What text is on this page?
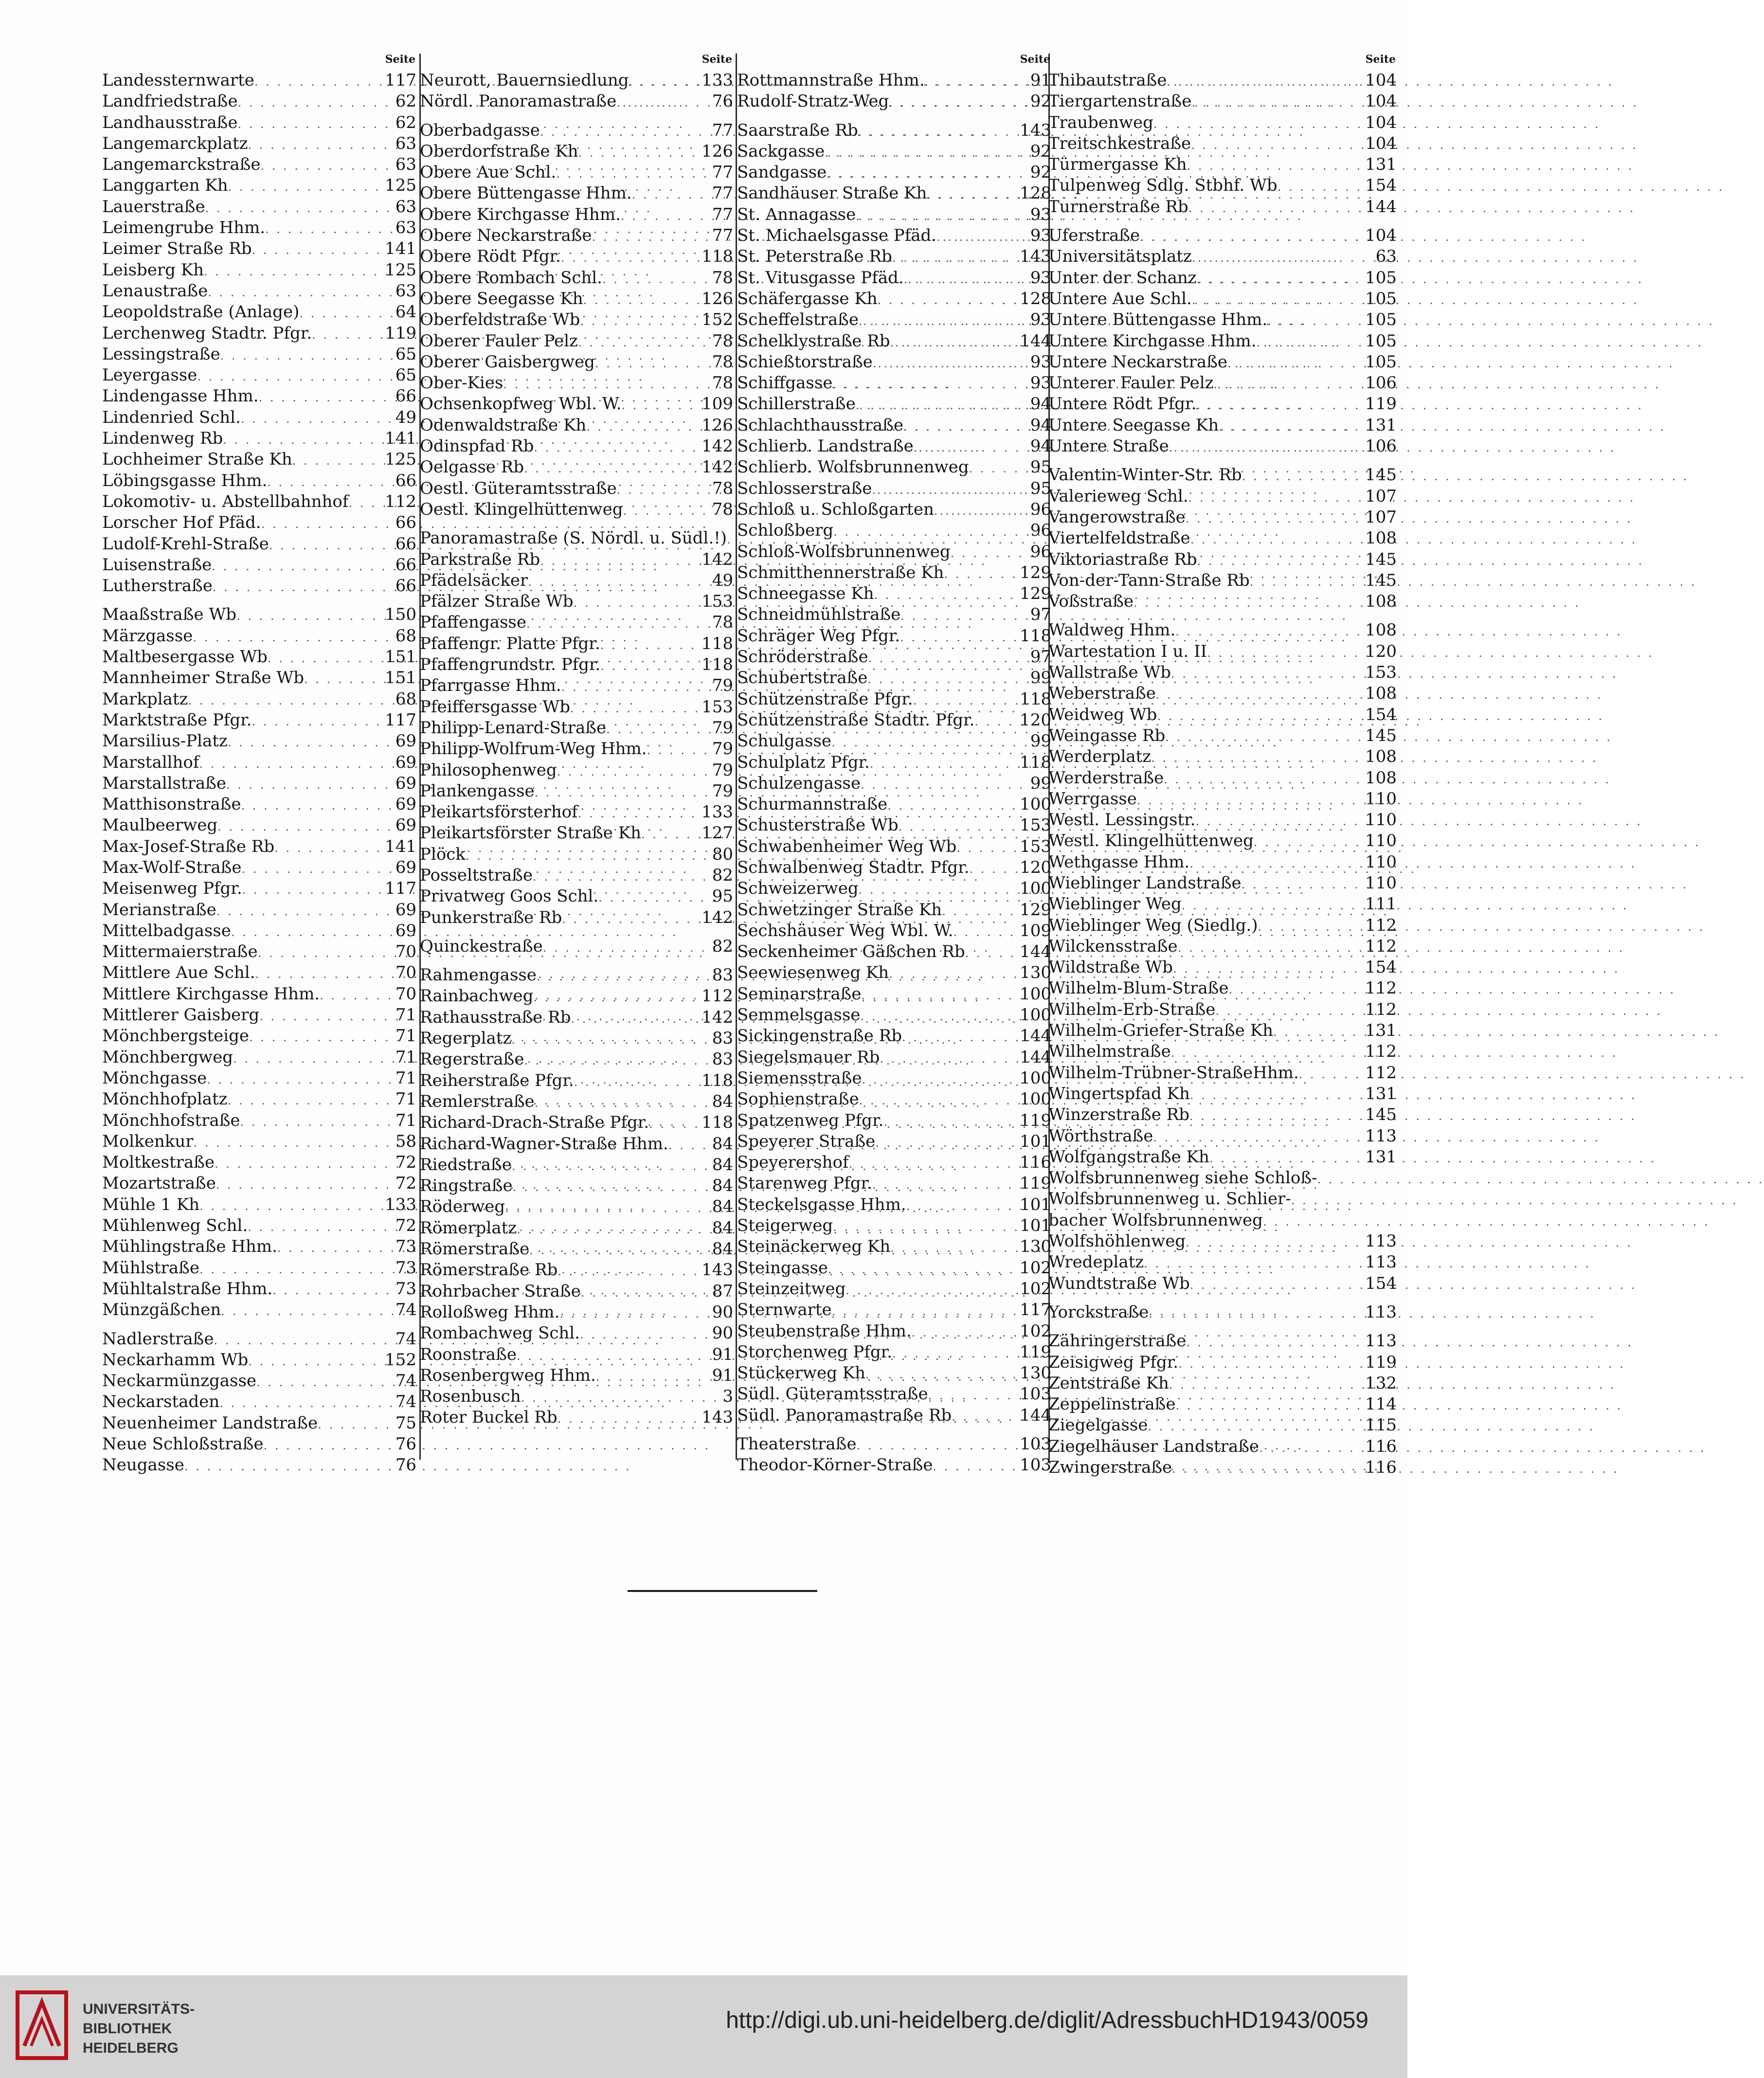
Seite
Landessternwarte . . .	117
Landfriedstraße . . .	62
Landhausstraße . . .	62
Langemarckplatz . . .	63
Langemarckstraße . . .	63
Langgarten Kh . . .	125
Lauerstraße . . .	63
Leimengrube Hhm. . . .	63
Leimer Straße Rb . . .	141
Leisberg Kh . . .	125
Lenaustraße . . .	63
Leopoldstraße (Anlage) . . .	64
Lerchenweg Stadtr. Pfgr. . . .	119
Lessingstraße . . .	65
Leyergasse . . .	65
Lindengasse Hhm. . . .	66
Lindenried Schl. . . .	49
Lindenweg Rb . . .	141
Lochheimer Straße Kh . . .	125
Löbingsgasse Hhm. . . .	66
Lokomotiv- u. Abstellbahnhof . . .	112
Lorscher Hof Pfäd. . . .	66
Ludolf-Krehl-Straße . . .	66
Luisenstraße . . .	66
Lutherstraße . . .	66
Maaßstraße Wb . . .	150
Märzgasse . . .	68
Maltbesergasse Wb . . .	151
Mannheimer Straße Wb . . .	151
Markplatz . . .	68
Marktstraße Pfgr. . . .	117
Marsilius-Platz . . .	69
Marstallhof . . .	69
Marstallstraße . . .	69
Matthisonstraße . . .	69
Maulbeerweg . . .	69
Max-Josef-Straße Rb . . .	141
Max-Wolf-Straße . . .	69
Meisenweg Pfgr. . . .	117
Merianstraße . . .	69
Mittelbadgasse . . .	69
Mittermaierstraße . . .	70
Mittlere Aue Schl. . . .	70
Mittlere Kirchgasse Hhm. . . .	70
Mittlerer Gaisberg . . .	71
Mönchbergsteige . . .	71
Mönchbergweg . . .	71
Mönchgasse . . .	71
Mönchhofplatz . . .	71
Mönchhofstraße . . .	71
Molkenkur . . .	58
Moltkestraße . . .	72
Mozartstraße . . .	72
Mühle 1 Kh . . .	133
Mühlenweg Schl. . . .	72
Mühlingstraße Hhm. . . .	73
Mühlstraße . . .	73
Mühltalstraße Hhm. . . .	73
Münzgäßchen . . .	74
Nadlerstraße . . .	74
Neckarhamm Wb . . .	152
Neckarmünzgasse . . .	74
Neckarstaden . . .	74
Neuenheimer Landstraße . . .	75
Neue Schloßstraße . . .	76
Neugasse . . .	76
Seite
Neurott, Bauernsiedlung . . .	133
Nördl. Panoramastraße . . .	76
Oberbadgasse . . .	77
Oberdorfstraße Kh . . .	126
Obere Aue Schl. . . .	77
Obere Büttengasse Hhm. . . .	77
Obere Kirchgasse Hhm. . . .	77
Obere Neckarstraße . . .	77
Obere Rödt Pfgr. . . .	118
Obere Rombach Schl. . . .	78
Obere Seegasse Kh . . .	126
Oberfeldstraße Wb . . .	152
Oberer Fauler Pelz . . .	78
Oberer Gaisbergweg . . .	78
Ober-Kies . . .	78
Ochsenkopfweg Wbl. W. . . .	109
Odenwaldstraße Kh . . .	126
Odinspfad Rb . . .	142
Oelgasse Rb . . .	142
Oestl. Güteramtsstraße . . .	78
Oestl. Klingelhüttenweg . . .	78
Panoramastraße (S. Nördl. u. Südl.!)
. . .
Parkstraße Rb . . .	142
Pfädelsäcker . . .	49
Pfälzer Straße Wb . . .	153
Pfaffengasse . . .	78
Pfaffengr. Platte Pfgr. . . .	118
Pfaffengrundstr. Pfgr. . . .	118
Pfarrgasse Hhm. . . .	79
Pfeiffersgasse Wb . . .	153
Philipp-Lenard-Straße . . .	79
Philipp-Wolfrum-Weg Hhm. . . .	79
Philosophenweg . . .	79
Plankengasse . . .	79
Pleikartsförsterhof . . .	133
Pleikartsförster Straße Kh . . .	127
Plöck . . .	80
Posseltstraße . . .	82
Privatweg Goos Schl. . . .	95
Punkerstraße Rb . . .	142
Quinckestraße . . .	82
Rahmengasse . . .	83
Rainbachweg . . .	112
Rathausstraße Rb . . .	142
Regerplatz . . .	83
Regerstraße . . .	83
Reiherstraße Pfgr. . . .	118
Remlerstraße . . .	84
Richard-Drach-Straße Pfgr. . . .	118
Richard-Wagner-Straße Hhm. . . .	84
Riedstraße . . .	84
Ringstraße . . .	84
Röderweg . . .	84
Römerplatz . . .	84
Römerstraße . . .	84
Römerstraße Rb . . .	143
Rohrbacher Straße . . .	87
Rolloßweg Hhm. . . .	90
Rombachweg Schl. . . .	90
Roonstraße . . .	91
Rosenbergweg Hhm. . . .	91
Rosenbusch . . .	3
Roter Buckel Rb . . .	143
Seite
Rottmannstraße Hhm. . . .	91
Rudolf-Stratz-Weg . . .	92
Saarstraße Rb . . .	143
Sackgasse . . .	92
Sandgasse . . .	92
Sandhäuser Straße Kh . . .	128
St. Annagasse . . .	93
St. Michaelsgasse Pfäd. . . .	93
St. Peterstraße Rb . . .	143
St. Vitusgasse Pfäd. . . .	93
Schäfergasse Kh . . .	128
Scheffelstraße . . .	93
Schelklystraße Rb . . .	144
Schießtorstraße . . .	93
Schiffgasse . . .	93
Schillerstraße . . .	94
Schlachthausstraße . . .	94
Schlierb. Landstraße . . .	94
Schlierb. Wolfsbrunnenweg . . .	95
Schlosserstraße . . .	95
Schloß u. Schloßgarten . . .	96
Schloßberg . . .	96
Schloß-Wolfsbrunnenweg . . .	96
Schmitthennerstraße Kh . . .	129
Schneegasse Kh . . .	129
Schneidmühlstraße . . .	97
Schräger Weg Pfgr. . . .	118
Schröderstraße . . .	97
Schubertstraße . . .	99
Schützenstraße Pfgr. . . .	118
Schützenstraße Stadtr. Pfgr. . . .	120
Schulgasse . . .	99
Schulplatz Pfgr. . . .	118
Schulzengasse . . .	99
Schurmannstraße . . .	100
Schusterstraße Wb . . .	153
Schwabenheimer Weg Wb . . .	153
Schwalbenweg Stadtr. Pfgr. . . .	120
Schweizerweg . . .	100
Schwetzinger Straße Kh . . .	129
Sechshäuser Weg Wbl. W. . . .	109
Seckenheimer Gäßchen Rb . . .	144
Seewiesenweg Kh . . .	130
Seminarstraße . . .	100
Semmelsgasse . . .	100
Sickingenstraße Rb . . .	144
Siegelsmauer Rb . . .	144
Siemensstraße . . .	100
Sophienstraße . . .	100
Spatzenweg Pfgr. . . .	119
Speyerer Straße . . .	101
Speyerershof . . .	116
Starenweg Pfgr. . . .	119
Steckelsgasse Hhm. . . .	101
Steigerweg . . .	101
Steinäckerweg Kh . . .	130
Steingasse . . .	102
Steinzeitweg . . .	102
Sternwarte . . .	117
Steubenstraße Hhm. . . .	102
Storchenweg Pfgr. . . .	119
Stückerweg Kh . . .	130
Südl. Güteramtsstraße . . .	103
Südl. Panoramastraße Rb . . .	144
Theaterstraße . . .	103
Theodor-Körner-Straße . . .	103
Seite
Thibautstraße . . .	104
Tiergartenstraße . . .	104
Traubenweg . . .	104
Treitschkestraße . . .	104
Türmergasse Kh . . .	131
Tulpenweg Sdlg. Stbhf. Wb . . .	154
Turnerstraße Rb . . .	144
Uferstraße . . .	104
Universitätsplatz . . .	63
Unter der Schanz . . .	105
Untere Aue Schl. . . .	105
Untere Büttengasse Hhm. . . .	105
Untere Kirchgasse Hhm. . . .	105
Untere Neckarstraße . . .	105
Unterer Fauler Pelz . . .	106
Untere Rödt Pfgr. . . .	119
Untere Seegasse Kh . . .	131
Untere Straße . . .	106
Valentin-Winter-Str. Rb . . .	145
Valerieweg Schl. . . .	107
Vangerowstraße . . .	107
Viertelfeldstraße . . .	108
Viktoriastraße Rb . . .	145
Von-der-Tann-Straße Rb . . .	145
Voßstraße . . .	108
Waldweg Hhm. . . .	108
Wartestation I u. II . . .	120
Wallstraße Wb . . .	153
Weberstraße . . .	108
Weidweg Wb . . .	154
Weingasse Rb . . .	145
Werderplatz . . .	108
Werderstraße . . .	108
Werrgasse . . .	110
Westl. Lessingstr. . . .	110
Westl. Klingelhüttenweg . . .	110
Wethgasse Hhm. . . .	110
Wieblinger Landstraße . . .	110
Wieblinger Weg . . .	111
Wieblinger Weg (Siedlg.) . . .	112
Wilckensstraße . . .	112
Wildstraße Wb . . .	154
Wilhelm-Blum-Straße . . .	112
Wilhelm-Erb-Straße . . .	112
Wilhelm-Griefer-Straße Kh . . .	131
Wilhelmstraße . . .	112
Wilhelm-Trübner-StraßeHhm. . . .	112
Wingertspfad Kh . . .	131
Winzerstraße Rb . . .	145
Wörthstraße . . .	113
Wolfgangstraße Kh . . .	131
Wolfsbrunnenweg siehe Schloß-
. . .
Wolfsbrunnenweg u. Schlier-
. . .
bacher Wolfsbrunnenweg
. . .
Wolfshöhlenweg . . .	113
Wredeplatz . . .	113
Wundtstraße Wb . . .	154
Yorckstraße . . .	113
Zähringerstraße . . .	113
Zeisigweg Pfgr. . . .	119
Zentstraße Kh . . .	132
Zeppelinstraße . . .	114
Ziegelgasse . . .	115
Ziegelhäuser Landstraße . . .	116
Zwingerstraße . . .	116
UNIVERSITÄTS-
BIBLIOTHEK
HEIDELBERG
http://digi.ub.uni-heidelberg.de/diglit/AdressbuchHD1943/0059
